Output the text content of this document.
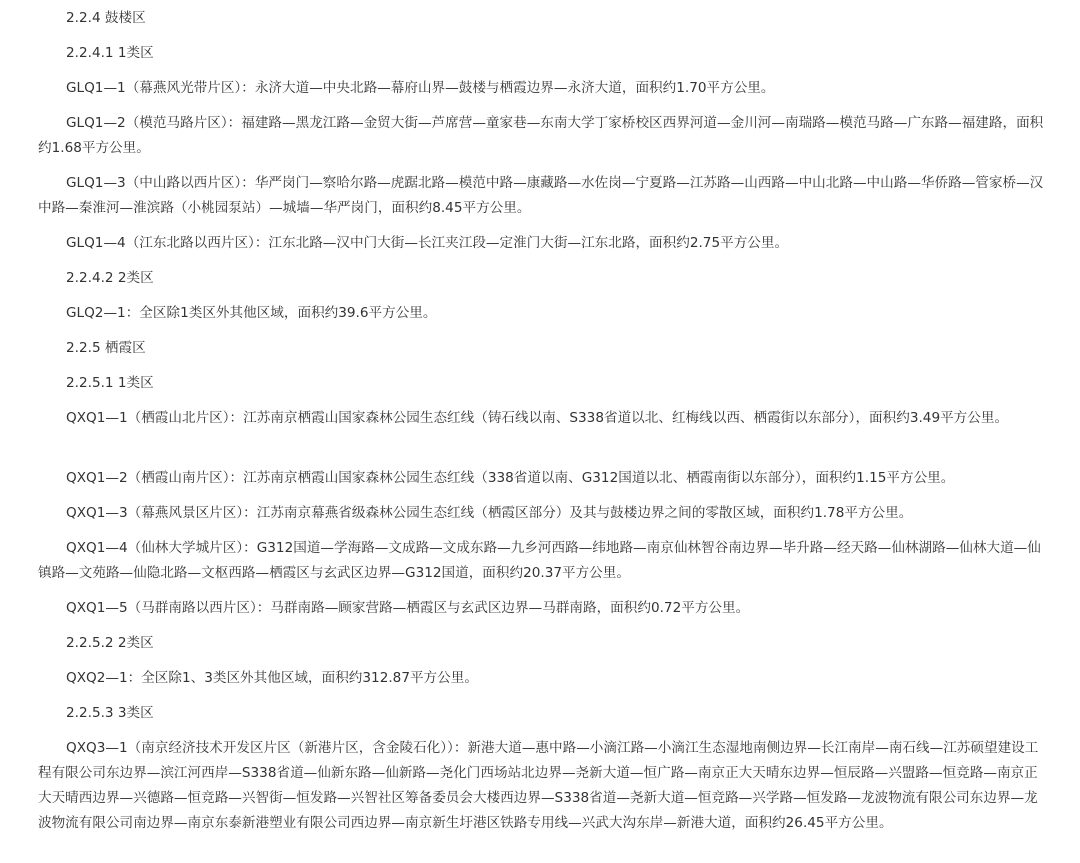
2.2.4 鼓楼区

2.2.4.1 1类区

GLQ1—1（幕燕风光带片区）：永济大道—中央北路—幕府山界—鼓楼与栖霞边界—永济大道，面积约1.70平方公里。

GLQ1—2（模范马路片区）：福建路—黑龙江路—金贸大街—芦席营—童家巷—东南大学丁家桥校区西界河道—金川河—南瑞路—模范马路—广东路—福建路，面积约1.68平方公里。

GLQ1—3（中山路以西片区）：华严岗门—察哈尔路—虎踞北路—模范中路—康藏路—水佐岗—宁夏路—江苏路—山西路—中山北路—中山路—华侨路—管家桥—汉中路—秦淮河—淮滨路（小桃园泵站）—城墙—华严岗门，面积约8.45平方公里。

GLQ1—4（江东北路以西片区）：江东北路—汉中门大街—长江夹江段—定淮门大街—江东北路，面积约2.75平方公里。

2.2.4.2 2类区

GLQ2—1：全区除1类区外其他区域，面积约39.6平方公里。

2.2.5 栖霞区

2.2.5.1 1类区

QXQ1—1（栖霞山北片区）：江苏南京栖霞山国家森林公园生态红线（铸石线以南、S338省道以北、红梅线以西、栖霞街以东部分），面积约3.49平方公里。

QXQ1—2（栖霞山南片区）：江苏南京栖霞山国家森林公园生态红线（338省道以南、G312国道以北、栖霞南街以东部分），面积约1.15平方公里。

QXQ1—3（幕燕风景区片区）：江苏南京幕燕省级森林公园生态红线（栖霞区部分）及其与鼓楼边界之间的零散区域，面积约1.78平方公里。

QXQ1—4（仙林大学城片区）：G312国道—学海路—文成路—文成东路—九乡河西路—纬地路—南京仙林智谷南边界—毕升路—经天路—仙林湖路—仙林大道—仙镇路—文苑路—仙隐北路—文枢西路—栖霞区与玄武区边界—G312国道，面积约20.37平方公里。

QXQ1—5（马群南路以西片区）：马群南路—顾家营路—栖霞区与玄武区边界—马群南路，面积约0.72平方公里。

2.2.5.2 2类区

QXQ2—1：全区除1、3类区外其他区域，面积约312.87平方公里。

2.2.5.3 3类区

QXQ3—1（南京经济技术开发区片区（新港片区，含金陵石化））：新港大道—惠中路—小滴江路—小滴江生态湿地南侧边界—长江南岸—南石线—江苏硕望建设工程有限公司东边界—滨江河西岸—S338省道—仙新东路—仙新路—尧化门西场站北边界—尧新大道—恒广路—南京正大天晴东边界—恒辰路—兴盟路—恒竞路—南京正大天晴西边界—兴德路—恒竞路—兴智街—恒发路—兴智社区筹备委员会大楼西边界—S338省道—尧新大道—恒竞路—兴学路—恒发路—龙波物流有限公司东边界—龙波物流有限公司南边界—南京东泰新港塑业有限公司西边界—南京新生圩港区铁路专用线—兴武大沟东岸—新港大道，面积约26.45平方公里。
